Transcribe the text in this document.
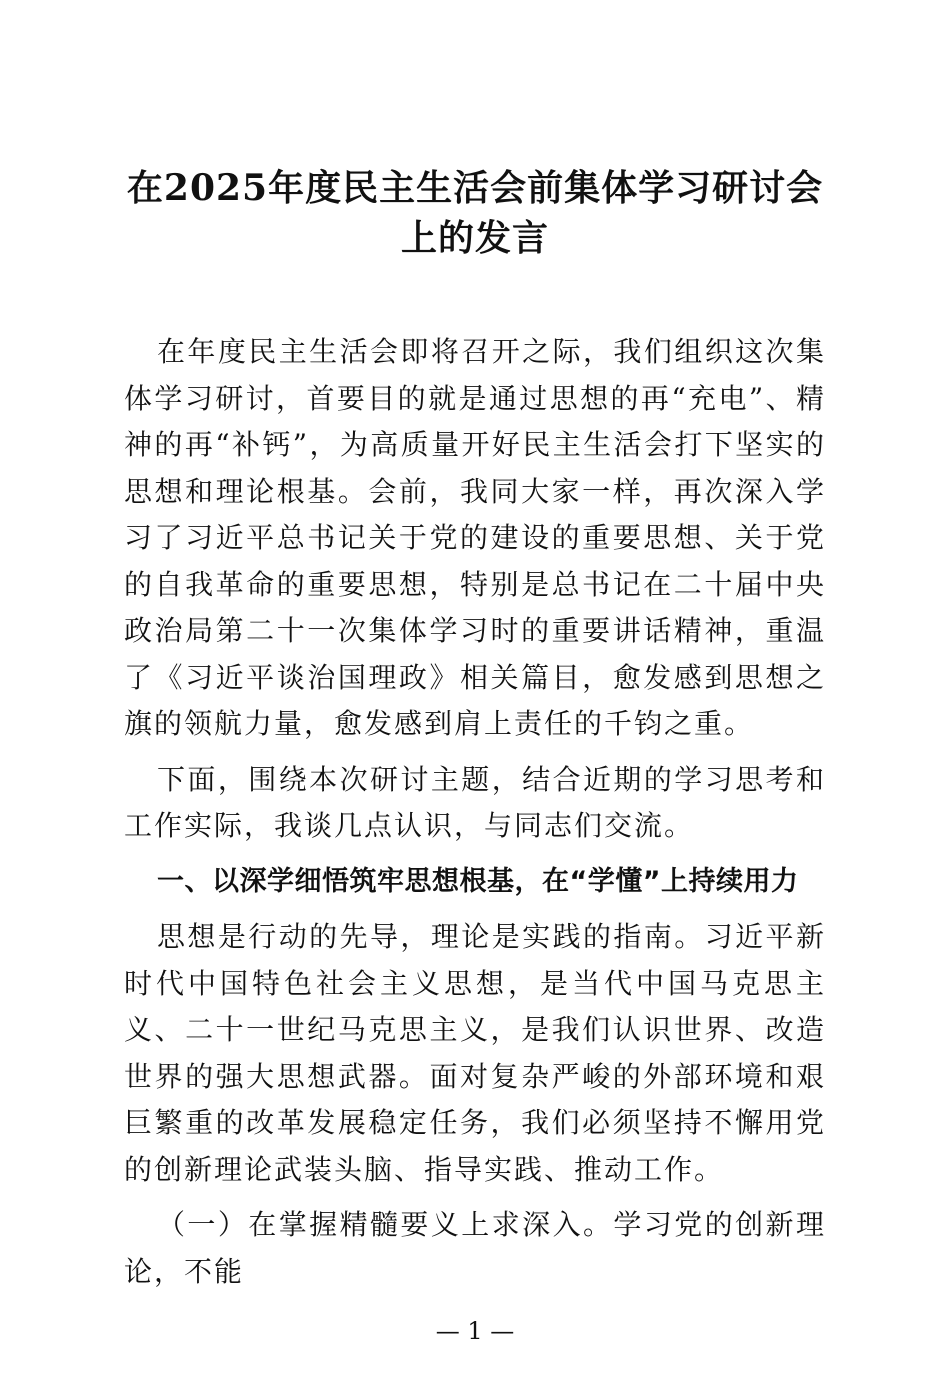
在2025年度民主生活会前集体学习研讨会上的发言

在年度民主生活会即将召开之际，我们组织这次集体学习研讨，首要目的就是通过思想的再“充电”、精神的再“补钙”，为高质量开好民主生活会打下坚实的思想和理论根基。会前，我同大家一样，再次深入学习了习近平总书记关于党的建设的重要思想、关于党的自我革命的重要思想，特别是总书记在二十届中央政治局第二十一次集体学习时的重要讲话精神，重温了《习近平谈治国理政》相关篇目，愈发感到思想之旗的领航力量，愈发感到肩上责任的千钧之重。

下面，围绕本次研讨主题，结合近期的学习思考和工作实际，我谈几点认识，与同志们交流。

一、以深学细悟筑牢思想根基，在“学懂”上持续用力

思想是行动的先导，理论是实践的指南。习近平新时代中国特色社会主义思想，是当代中国马克思主义、二十一世纪马克思主义，是我们认识世界、改造世界的强大思想武器。面对复杂严峻的外部环境和艰巨繁重的改革发展稳定任务，我们必须坚持不懈用党的创新理论武装头脑、指导实践、推动工作。

（一）在掌握精髓要义上求深入。学习党的创新理论，不能

— 1 —
